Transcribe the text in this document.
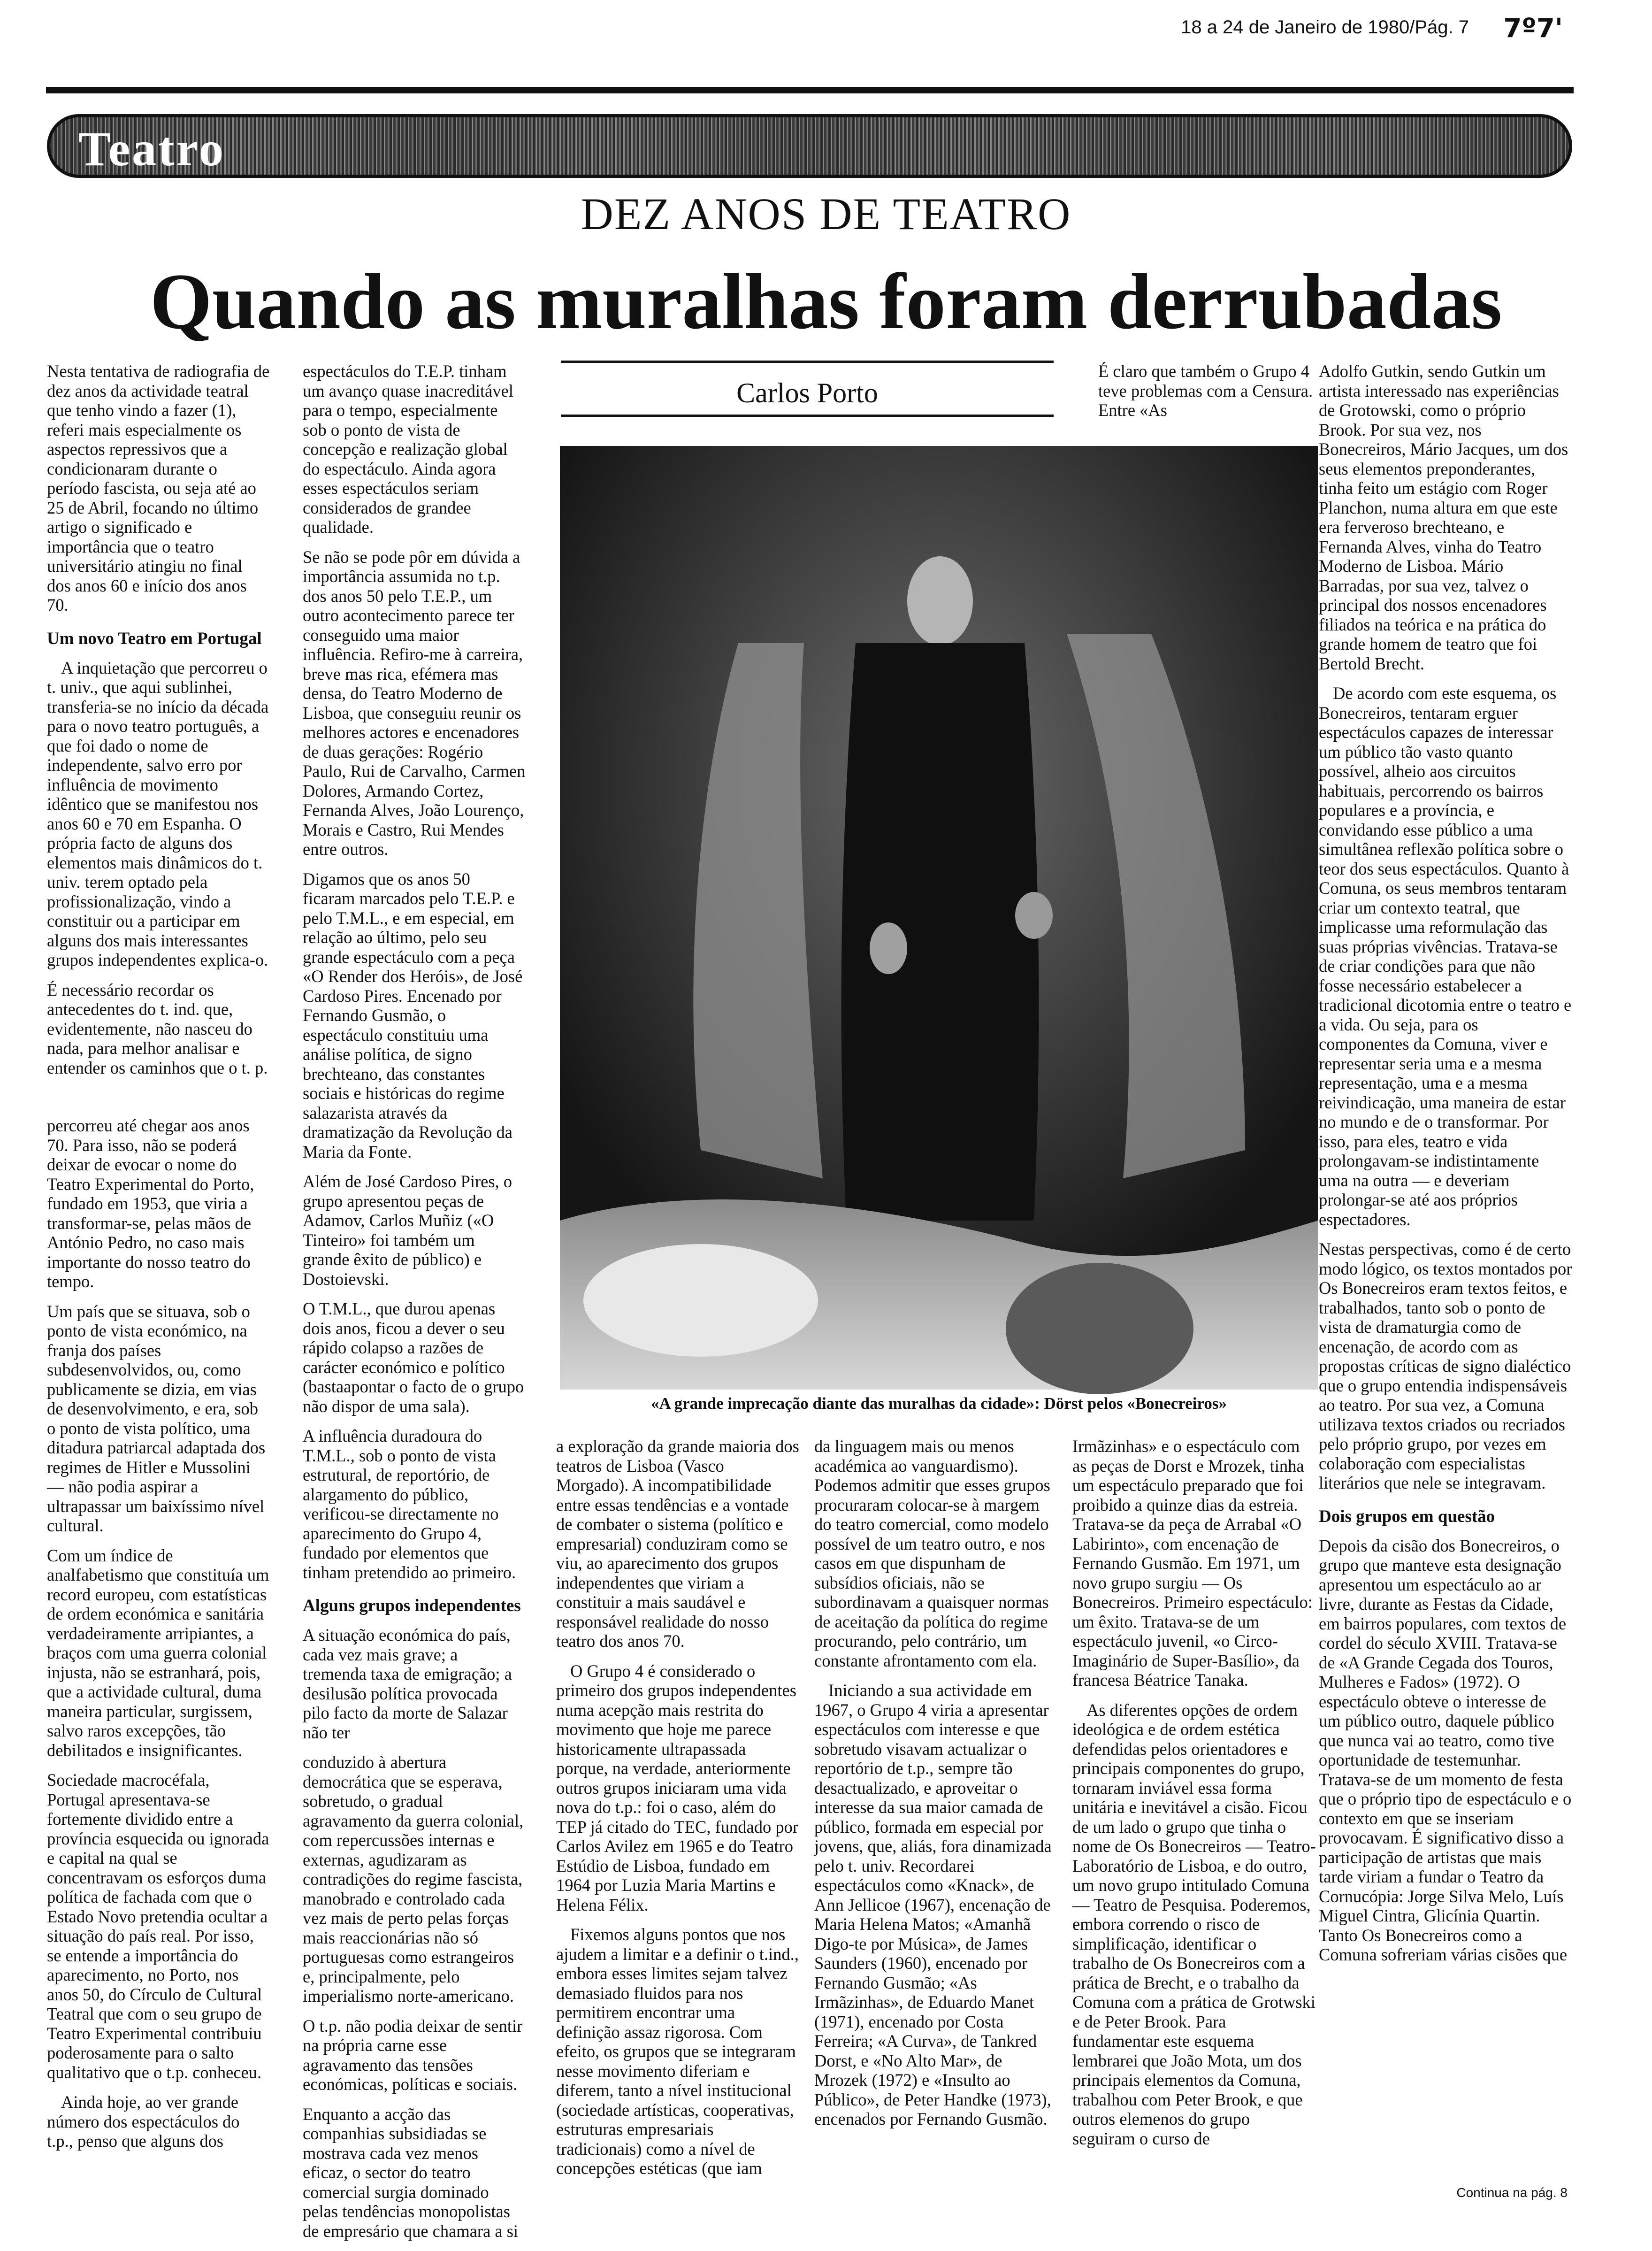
18 a 24 de Janeiro de 1980/Pág. 7 7º7'
Teatro
DEZ ANOS DE TEATRO
Quando as muralhas foram derrubadas

Nesta tentativa de radiografia de dez anos da actividade teatral que tenho vindo a fazer (1), referi mais especialmente os aspectos repressivos que a condicionaram durante o período fascista, ou seja até ao 25 de Abril, focando no último artigo o significado e importância que o teatro universitário atingiu no final dos anos 60 e início dos anos 70.

Um novo Teatro em Portugal

A inquietação que percorreu o t. univ., que aqui sublinhei, transferia-se no início da década para o novo teatro português, a que foi dado o nome de independente, salvo erro por influência de movimento idêntico que se manifestou nos anos 60 e 70 em Espanha. O própria facto de alguns dos elementos mais dinâmicos do t. univ. terem optado pela profissionalização, vindo a constituir ou a participar em alguns dos mais interessantes grupos independentes explica-o.

É necessário recordar os antecedentes do t. ind. que, evidentemente, não nasceu do nada, para melhor analisar e entender os caminhos que o t. p.

percorreu até chegar aos anos 70. Para isso, não se poderá deixar de evocar o nome do Teatro Experimental do Porto, fundado em 1953, que viria a transformar-se, pelas mãos de António Pedro, no caso mais importante do nosso teatro do tempo.

Um país que se situava, sob o ponto de vista económico, na franja dos países subdesenvolvidos, ou, como publicamente se dizia, em vias de desenvolvimento, e era, sob o ponto de vista político, uma ditadura patriarcal adaptada dos regimes de Hitler e Mussolini — não podia aspirar a ultrapassar um baixíssimo nível cultural.

Com um índice de analfabetismo que constituía um record europeu, com estatísticas de ordem económica e sanitária verdadeiramente arripiantes, a braços com uma guerra colonial injusta, não se estranhará, pois, que a actividade cultural, duma maneira particular, surgissem, salvo raros excepções, tão debilitados e insignificantes.

Sociedade macrocéfala, Portugal apresentava-se fortemente dividido entre a província esquecida ou ignorada e capital na qual se concentravam os esforços duma política de fachada com que o Estado Novo pretendia ocultar a situação do país real. Por isso, se entende a importância do aparecimento, no Porto, nos anos 50, do Círculo de Cultural Teatral que com o seu grupo de Teatro Experimental contribuiu poderosamente para o salto qualitativo que o t.p. conheceu.

Ainda hoje, ao ver grande número dos espectáculos do t.p., penso que alguns dos

espectáculos do T.E.P. tinham um avanço quase inacreditável para o tempo, especialmente sob o ponto de vista de concepção e realização global do espectáculo. Ainda agora esses espectáculos seriam considerados de grandee qualidade.

Se não se pode pôr em dúvida a importância assumida no t.p. dos anos 50 pelo T.E.P., um outro acontecimento parece ter conseguido uma maior influência. Refiro-me à carreira, breve mas rica, efémera mas densa, do Teatro Moderno de Lisboa, que conseguiu reunir os melhores actores e encenadores de duas gerações: Rogério Paulo, Rui de Carvalho, Carmen Dolores, Armando Cortez, Fernanda Alves, João Lourenço, Morais e Castro, Rui Mendes entre outros.

Digamos que os anos 50 ficaram marcados pelo T.E.P. e pelo T.M.L., e em especial, em relação ao último, pelo seu grande espectáculo com a peça «O Render dos Heróis», de José Cardoso Pires. Encenado por Fernando Gusmão, o espectáculo constituiu uma análise política, de signo brechteano, das constantes sociais e históricas do regime salazarista através da dramatização da Revolução da Maria da Fonte.

Além de José Cardoso Pires, o grupo apresentou peças de Adamov, Carlos Muñiz («O Tinteiro» foi também um grande êxito de público) e Dostoievski.

O T.M.L., que durou apenas dois anos, ficou a dever o seu rápido colapso a razões de carácter económico e político (bastaapontar o facto de o grupo não dispor de uma sala).

A influência duradoura do T.M.L., sob o ponto de vista estrutural, de reportório, de alargamento do público, verificou-se directamente no aparecimento do Grupo 4, fundado por elementos que tinham pretendido ao primeiro.

Alguns grupos independentes

A situação económica do país, cada vez mais grave; a tremenda taxa de emigração; a desilusão política provocada pilo facto da morte de Salazar não ter

conduzido à abertura democrática que se esperava, sobretudo, o gradual agravamento da guerra colonial, com repercussões internas e externas, agudizaram as contradições do regime fascista, manobrado e controlado cada vez mais de perto pelas forças mais reaccionárias não só portuguesas como estrangeiros e, principalmente, pelo imperialismo norte-americano.

O t.p. não podia deixar de sentir na própria carne esse agravamento das tensões económicas, políticas e sociais.

Enquanto a acção das companhias subsidiadas se mostrava cada vez menos eficaz, o sector do teatro comercial surgia dominado pelas tendências monopolistas de empresário que chamara a si

Carlos Porto
«A grande imprecação diante das muralhas da cidade»: Dörst pelos «Bonecreiros»

É claro que também o Grupo 4 teve problemas com a Censura. Entre «As

a exploração da grande maioria dos teatros de Lisboa (Vasco Morgado). A incompatibilidade entre essas tendências e a vontade de combater o sistema (político e empresarial) conduziram como se viu, ao aparecimento dos grupos independentes que viriam a constituir a mais saudável e responsável realidade do nosso teatro dos anos 70.

O Grupo 4 é considerado o primeiro dos grupos independentes numa acepção mais restrita do movimento que hoje me parece historicamente ultrapassada porque, na verdade, anteriormente outros grupos iniciaram uma vida nova do t.p.: foi o caso, além do TEP já citado do TEC, fundado por Carlos Avilez em 1965 e do Teatro Estúdio de Lisboa, fundado em 1964 por Luzia Maria Martins e Helena Félix.

Fixemos alguns pontos que nos ajudem a limitar e a definir o t.ind., embora esses limites sejam talvez demasiado fluidos para nos permitirem encontrar uma definição assaz rigorosa. Com efeito, os grupos que se integraram nesse movimento diferiam e diferem, tanto a nível institucional (sociedade artísticas, cooperativas, estruturas empresariais tradicionais) como a nível de concepções estéticas (que iam

da linguagem mais ou menos académica ao vanguardismo). Podemos admitir que esses grupos procuraram colocar-se à margem do teatro comercial, como modelo possível de um teatro outro, e nos casos em que dispunham de subsídios oficiais, não se subordinavam a quaisquer normas de aceitação da política do regime procurando, pelo contrário, um constante afrontamento com ela.

Iniciando a sua actividade em 1967, o Grupo 4 viria a apresentar espectáculos com interesse e que sobretudo visavam actualizar o reportório de t.p., sempre tão desactualizado, e aproveitar o interesse da sua maior camada de público, formada em especial por jovens, que, aliás, fora dinamizada pelo t. univ. Recordarei espectáculos como «Knack», de Ann Jellicoe (1967), encenação de Maria Helena Matos; «Amanhã Digo-te por Música», de James Saunders (1960), encenado por Fernando Gusmão; «As Irmãzinhas», de Eduardo Manet (1971), encenado por Costa Ferreira; «A Curva», de Tankred Dorst, e «No Alto Mar», de Mrozek (1972) e «Insulto ao Público», de Peter Handke (1973), encenados por Fernando Gusmão.

Irmãzinhas» e o espectáculo com as peças de Dorst e Mrozek, tinha um espectáculo preparado que foi proibido a quinze dias da estreia. Tratava-se da peça de Arrabal «O Labirinto», com encenação de Fernando Gusmão. Em 1971, um novo grupo surgiu — Os Bonecreiros. Primeiro espectáculo: um êxito. Tratava-se de um espectáculo juvenil, «o Circo-Imaginário de Super-Basílio», da francesa Béatrice Tanaka.

As diferentes opções de ordem ideológica e de ordem estética defendidas pelos orientadores e principais componentes do grupo, tornaram inviável essa forma unitária e inevitável a cisão. Ficou de um lado o grupo que tinha o nome de Os Bonecreiros — Teatro-Laboratório de Lisboa, e do outro, um novo grupo intitulado Comuna — Teatro de Pesquisa. Poderemos, embora correndo o risco de simplificação, identificar o trabalho de Os Bonecreiros com a prática de Brecht, e o trabalho da Comuna com a prática de Grotwski e de Peter Brook. Para fundamentar este esquema lembrarei que João Mota, um dos principais elementos da Comuna, trabalhou com Peter Brook, e que outros elemenos do grupo seguiram o curso de

Adolfo Gutkin, sendo Gutkin um artista interessado nas experiências de Grotowski, como o próprio Brook. Por sua vez, nos Bonecreiros, Mário Jacques, um dos seus elementos preponderantes, tinha feito um estágio com Roger Planchon, numa altura em que este era ferveroso brechteano, e Fernanda Alves, vinha do Teatro Moderno de Lisboa. Mário Barradas, por sua vez, talvez o principal dos nossos encenadores filiados na teórica e na prática do grande homem de teatro que foi Bertold Brecht.

De acordo com este esquema, os Bonecreiros, tentaram erguer espectáculos capazes de interessar um público tão vasto quanto possível, alheio aos circuitos habituais, percorrendo os bairros populares e a província, e convidando esse público a uma simultânea reflexão política sobre o teor dos seus espectáculos. Quanto à Comuna, os seus membros tentaram criar um contexto teatral, que implicasse uma reformulação das suas próprias vivências. Tratava-se de criar condições para que não fosse necessário estabelecer a tradicional dicotomia entre o teatro e a vida. Ou seja, para os componentes da Comuna, viver e representar seria uma e a mesma representação, uma e a mesma reivindicação, uma maneira de estar no mundo e de o transformar. Por isso, para eles, teatro e vida prolongavam-se indistintamente uma na outra — e deveriam prolongar-se até aos próprios espectadores.

Nestas perspectivas, como é de certo modo lógico, os textos montados por Os Bonecreiros eram textos feitos, e trabalhados, tanto sob o ponto de vista de dramaturgia como de encenação, de acordo com as propostas críticas de signo dialéctico que o grupo entendia indispensáveis ao teatro. Por sua vez, a Comuna utilizava textos criados ou recriados pelo próprio grupo, por vezes em colaboração com especialistas literários que nele se integravam.

Dois grupos em questão

Depois da cisão dos Bonecreiros, o grupo que manteve esta designação apresentou um espectáculo ao ar livre, durante as Festas da Cidade, em bairros populares, com textos de cordel do século XVIII. Tratava-se de «A Grande Cegada dos Touros, Mulheres e Fados» (1972). O espectáculo obteve o interesse de um público outro, daquele público que nunca vai ao teatro, como tive oportunidade de testemunhar. Tratava-se de um momento de festa que o próprio tipo de espectáculo e o contexto em que se inseriam provocavam. É significativo disso a participação de artistas que mais tarde viriam a fundar o Teatro da Cornucópia: Jorge Silva Melo, Luís Miguel Cintra, Glicínia Quartin. Tanto Os Bonecreiros como a Comuna sofreriam várias cisões que

Continua na pág. 8
